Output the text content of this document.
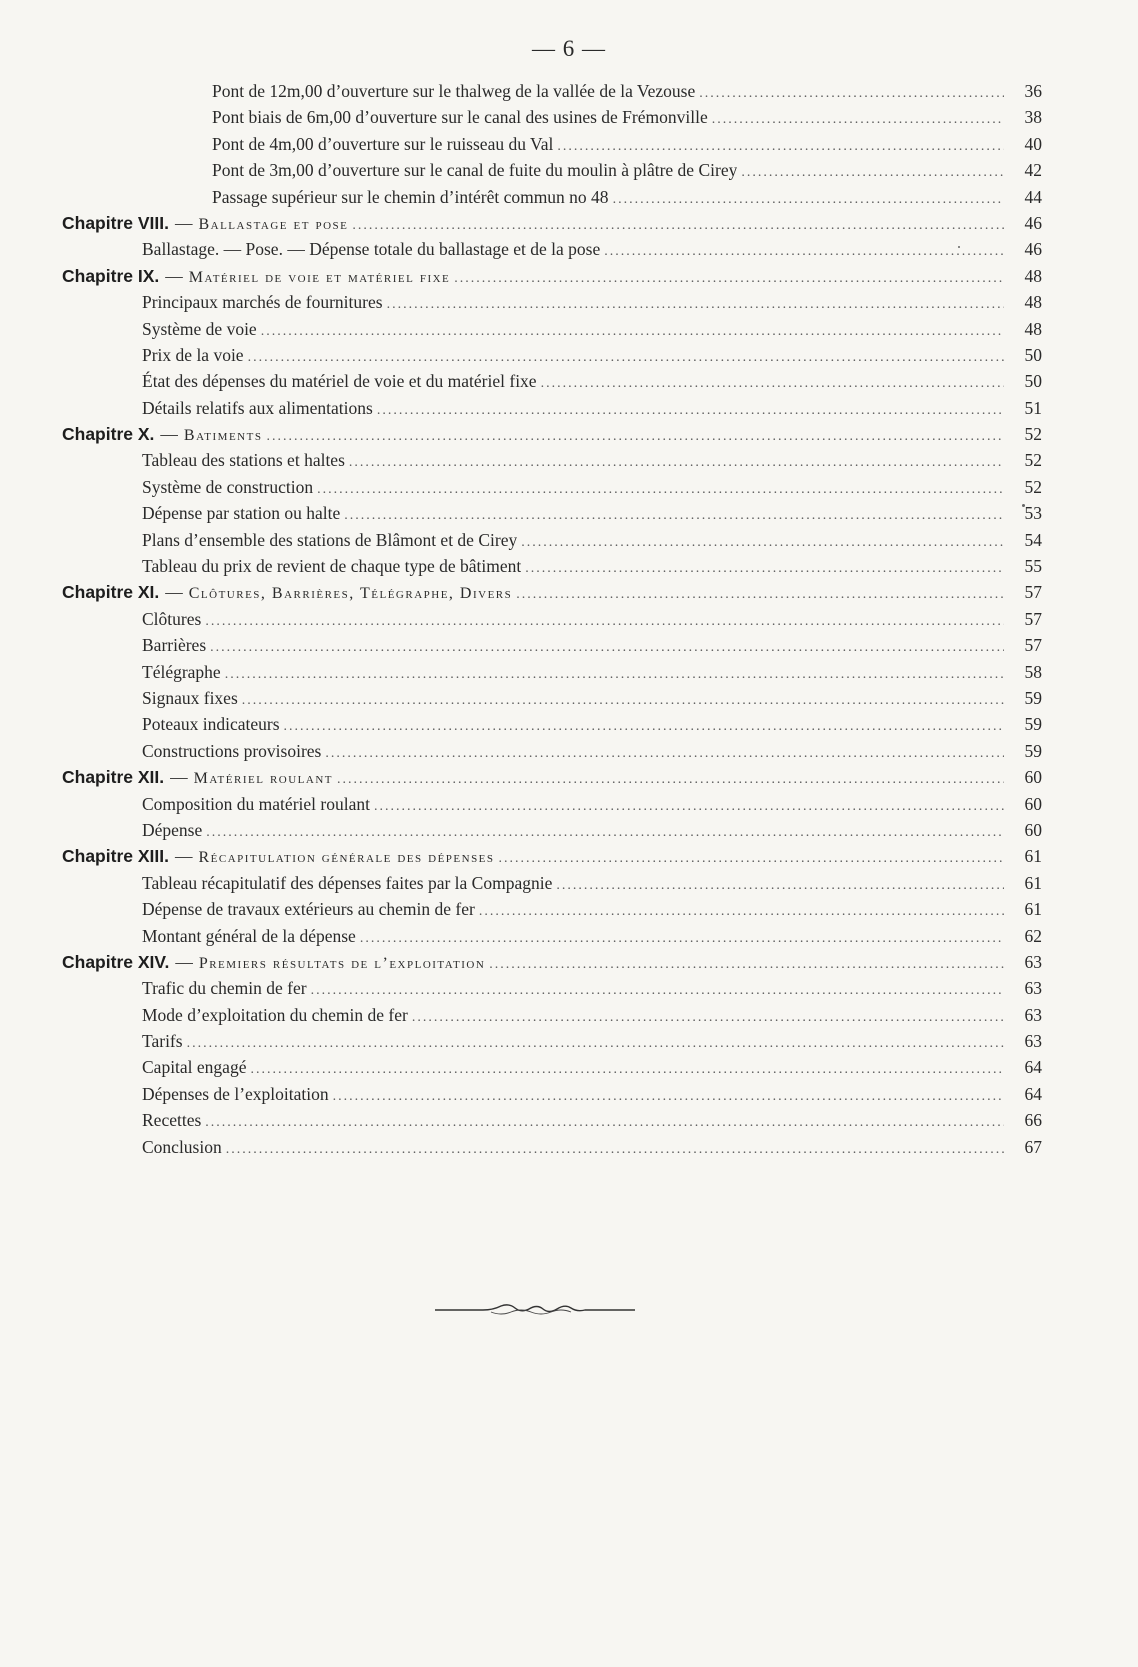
— 6 —
Pont de 12m,00 d’ouverture sur le thalweg de la vallée de la Vezouse .....	36
Pont biais de 6m,00 d’ouverture sur le canal des usines de Frémonville .....	38
Pont de 4m,00 d’ouverture sur le ruisseau du Val .....	40
Pont de 3m,00 d’ouverture sur le canal de fuite du moulin à plâtre de Cirey .....	42
Passage supérieur sur le chemin d’intérêt commun no 48 .....	44
Chapitre VIII. — Ballastage et pose .....	46
Ballastage. — Pose. — Dépense totale du ballastage et de la pose .....	46
Chapitre IX. — Matériel de voie et matériel fixe .....	48
Principaux marchés de fournitures .....	48
Système de voie .....	48
Prix de la voie .....	50
État des dépenses du matériel de voie et du matériel fixe .....	50
Détails relatifs aux alimentations .....	51
Chapitre X. — Batiments .....	52
Tableau des stations et haltes .....	52
Système de construction .....	52
Dépense par station ou halte .....	53
Plans d’ensemble des stations de Blâmont et de Cirey .....	54
Tableau du prix de revient de chaque type de bâtiment .....	55
Chapitre XI. — Clôtures, Barrières, Télégraphe, Divers .....	57
Clôtures .....	57
Barrières .....	57
Télégraphe .....	58
Signaux fixes .....	59
Poteaux indicateurs .....	59
Constructions provisoires .....	59
Chapitre XII. — Matériel roulant .....	60
Composition du matériel roulant .....	60
Dépense .....	60
Chapitre XIII. — Récapitulation générale des dépenses .....	61
Tableau récapitulatif des dépenses faites par la Compagnie .....	61
Dépense de travaux extérieurs au chemin de fer .....	61
Montant général de la dépense .....	62
Chapitre XIV. — Premiers résultats de l’exploitation .....	63
Trafic du chemin de fer .....	63
Mode d’exploitation du chemin de fer .....	63
Tarifs .....	63
Capital engagé .....	64
Dépenses de l’exploitation .....	64
Recettes .....	66
Conclusion .....	67
